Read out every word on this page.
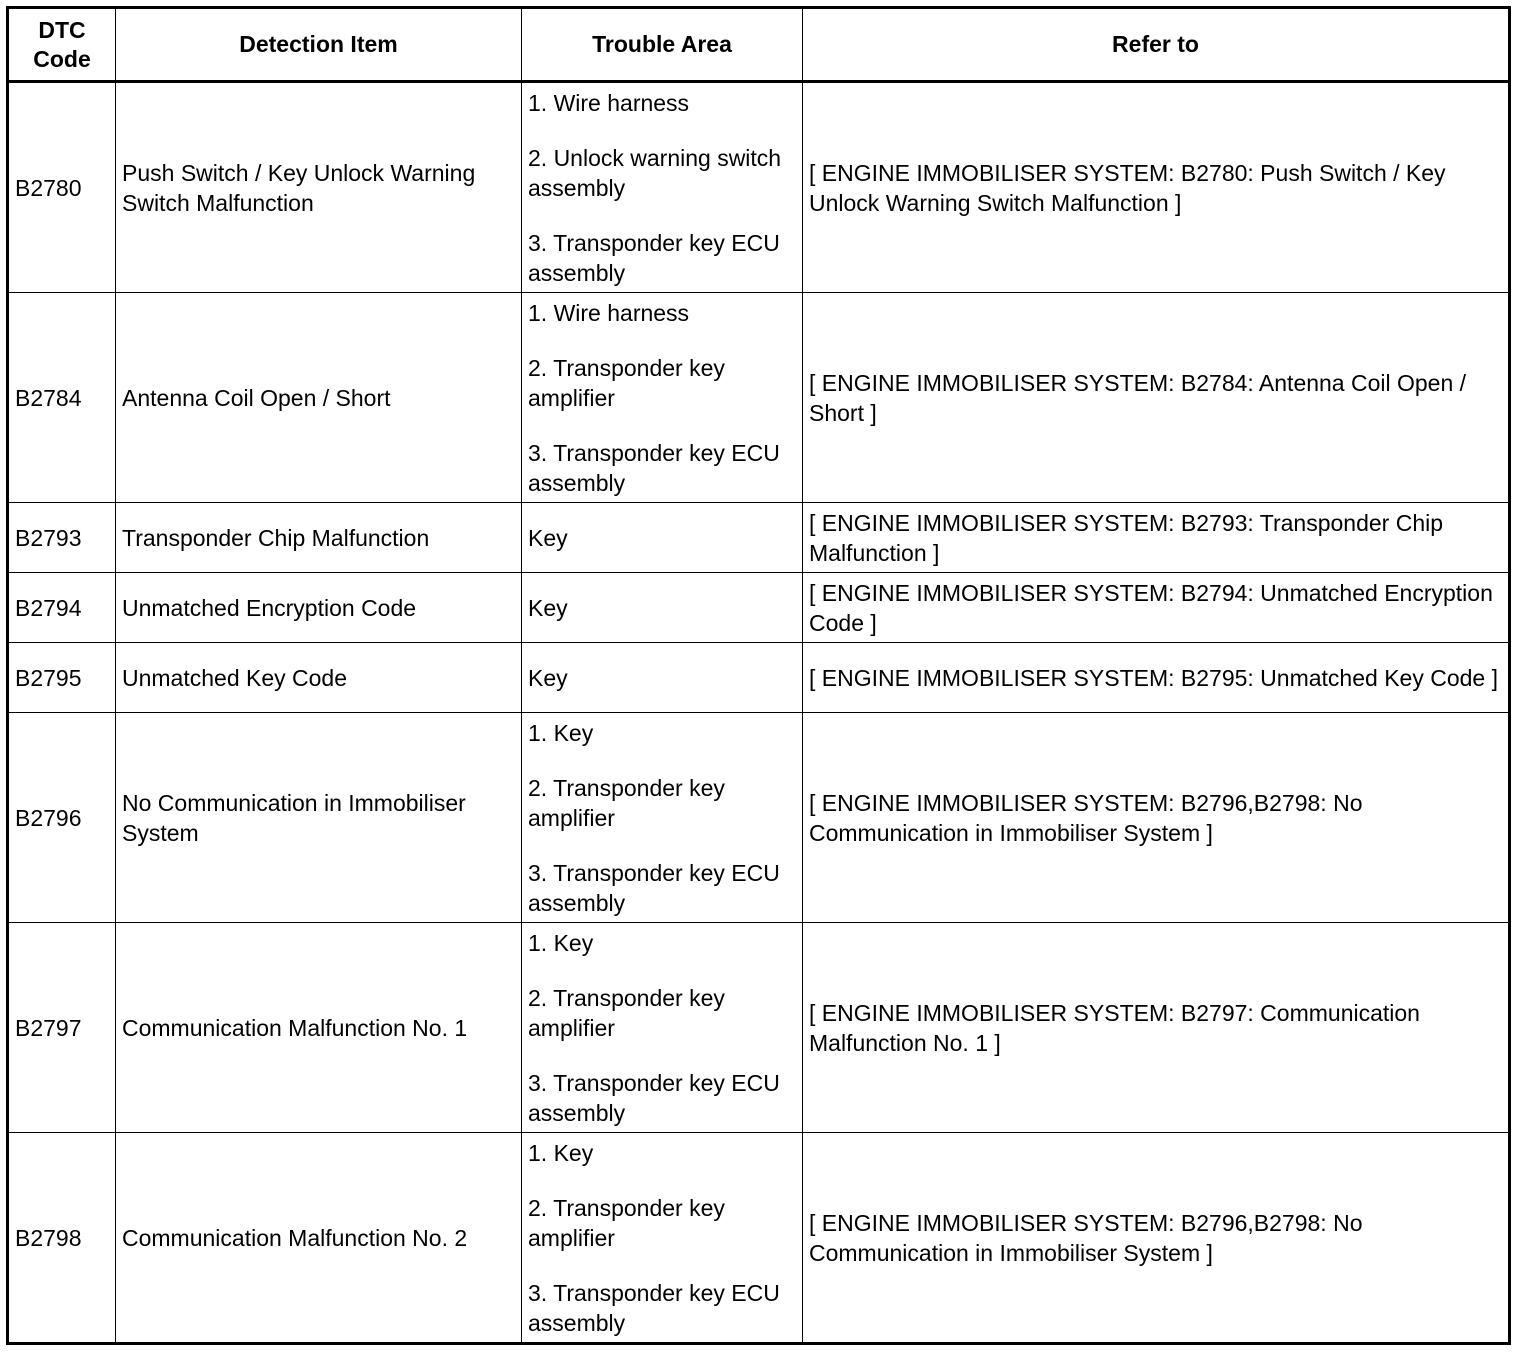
DTC Code	Detection Item	Trouble Area	Refer to
B2780	Push Switch / Key Unlock Warning Switch Malfunction	1. Wire harness
2. Unlock warning switch assembly
3. Transponder key ECU assembly	[ ENGINE IMMOBILISER SYSTEM: B2780: Push Switch / Key Unlock Warning Switch Malfunction ]
B2784	Antenna Coil Open / Short	1. Wire harness
2. Transponder key amplifier
3. Transponder key ECU assembly	[ ENGINE IMMOBILISER SYSTEM: B2784: Antenna Coil Open / Short ]
B2793	Transponder Chip Malfunction	Key	[ ENGINE IMMOBILISER SYSTEM: B2793: Transponder Chip Malfunction ]
B2794	Unmatched Encryption Code	Key	[ ENGINE IMMOBILISER SYSTEM: B2794: Unmatched Encryption Code ]
B2795	Unmatched Key Code	Key	[ ENGINE IMMOBILISER SYSTEM: B2795: Unmatched Key Code ]
B2796	No Communication in Immobiliser System	1. Key
2. Transponder key amplifier
3. Transponder key ECU assembly	[ ENGINE IMMOBILISER SYSTEM: B2796,B2798: No Communication in Immobiliser System ]
B2797	Communication Malfunction No. 1	1. Key
2. Transponder key amplifier
3. Transponder key ECU assembly	[ ENGINE IMMOBILISER SYSTEM: B2797: Communication Malfunction No. 1 ]
B2798	Communication Malfunction No. 2	1. Key
2. Transponder key amplifier
3. Transponder key ECU assembly	[ ENGINE IMMOBILISER SYSTEM: B2796,B2798: No Communication in Immobiliser System ]
